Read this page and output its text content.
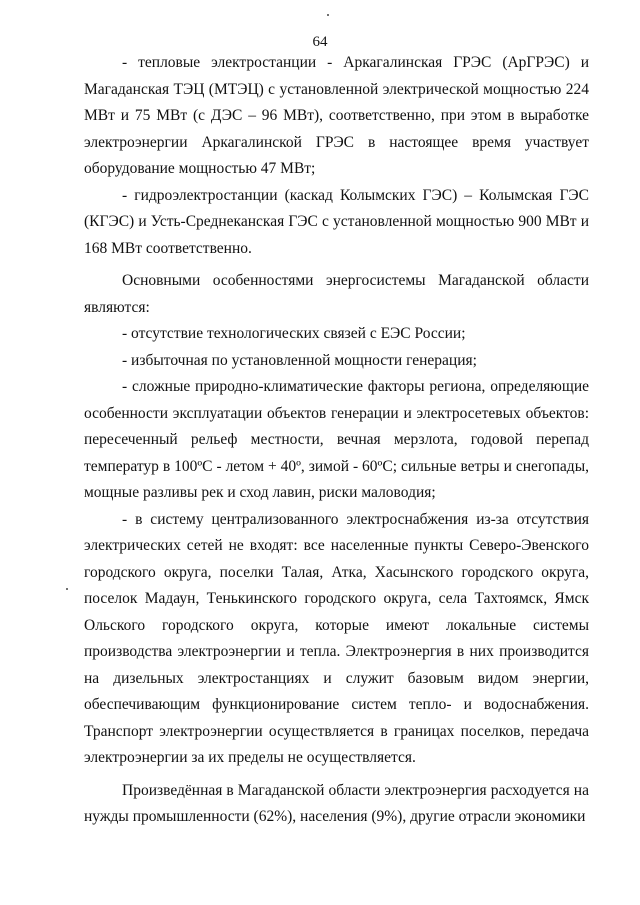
64

- тепловые электростанции - Аркагалинская ГРЭС (АрГРЭС) и Магаданская ТЭЦ (МТЭЦ) с установленной электрической мощностью 224 МВт и 75 МВт (с ДЭС – 96 МВт), соответственно, при этом в выработке электроэнергии Аркагалинской ГРЭС в настоящее время участвует оборудование мощностью 47 МВт;

- гидроэлектростанции (каскад Колымских ГЭС) – Колымская ГЭС (КГЭС) и Усть-Среднеканская ГЭС с установленной мощностью 900 МВт и 168 МВт соответственно.

Основными особенностями энергосистемы Магаданской области являются:

- отсутствие технологических связей с ЕЭС России;

- избыточная по установленной мощности генерация;

- сложные природно-климатические факторы региона, определяющие особенности эксплуатации объектов генерации и электросетевых объектов: пересеченный рельеф местности, вечная мерзлота, годовой перепад температур в 100ºC - летом + 40º, зимой - 60ºC; сильные ветры и снегопады, мощные разливы рек и сход лавин, риски маловодия;

- в систему централизованного электроснабжения из-за отсутствия электрических сетей не входят: все населенные пункты Северо-Эвенского городского округа, поселки Талая, Атка, Хасынского городского округа, поселок Мадаун, Тенькинского городского округа, села Тахтоямск, Ямск Ольского городского округа, которые имеют локальные системы производства электроэнергии и тепла. Электроэнергия в них производится на дизельных электростанциях и служит базовым видом энергии, обеспечивающим функционирование систем тепло- и водоснабжения. Транспорт электроэнергии осуществляется в границах поселков, передача электроэнергии за их пределы не осуществляется.

Произведённая в Магаданской области электроэнергия расходуется на нужды промышленности (62%), населения (9%), другие отрасли экономики
